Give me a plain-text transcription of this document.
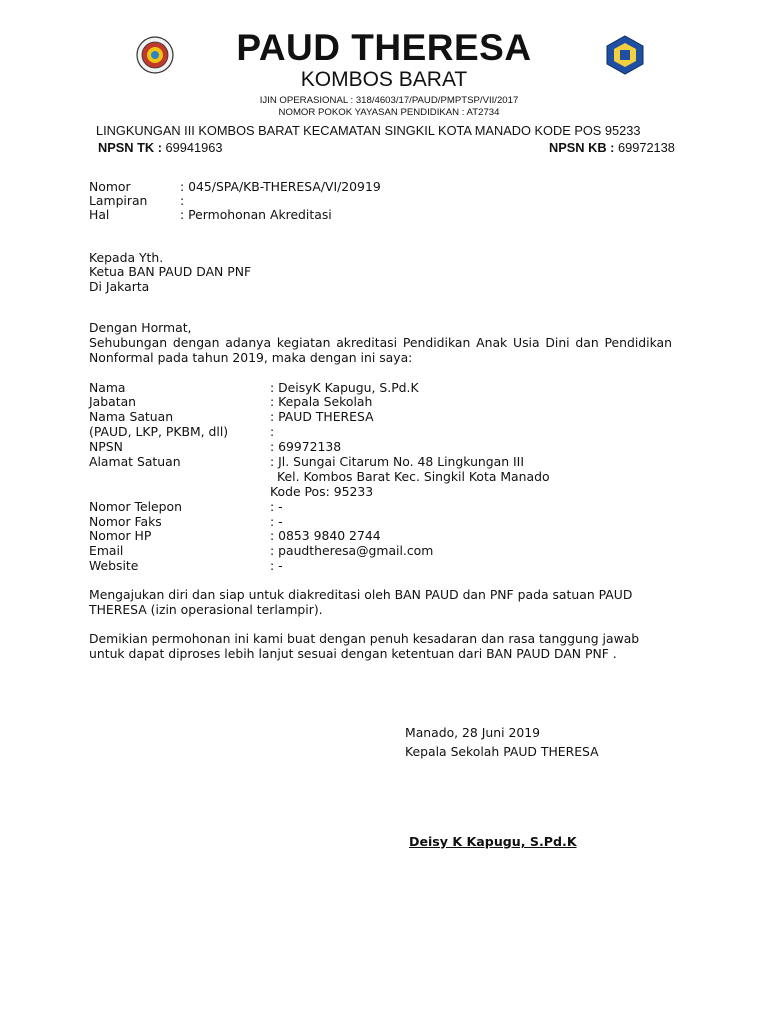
PAUD THERESA
KOMBOS BARAT
IJIN OPERASIONAL : 318/4603/17/PAUD/PMPTSP/VII/2017
NOMOR POKOK YAYASAN PENDIDIKAN : AT2734
LINGKUNGAN III KOMBOS BARAT KECAMATAN SINGKIL KOTA MANADO KODE POS 95233
NPSN TK : 69941963	NPSN KB : 69972138
Nomor	: 045/SPA/KB-THERESA/VI/20919
Lampiran	:
Hal	: Permohonan Akreditasi
Kepada Yth.
Ketua BAN PAUD DAN PNF
Di Jakarta
Dengan Hormat,
Sehubungan dengan adanya kegiatan akreditasi Pendidikan Anak Usia Dini dan Pendidikan Nonformal pada tahun 2019, maka dengan ini saya:
Nama	: DeisyK Kapugu, S.Pd.K
Jabatan	: Kepala Sekolah
Nama Satuan	: PAUD THERESA
(PAUD, LKP, PKBM, dll)	:
NPSN	: 69972138
Alamat Satuan	: Jl. Sungai Citarum No. 48 Lingkungan III
Kel. Kombos Barat Kec. Singkil Kota Manado
Kode Pos: 95233
Nomor Telepon	: -
Nomor Faks	: -
Nomor HP	: 0853 9840 2744
Email	: paudtheresa@gmail.com
Website	: -
Mengajukan diri dan siap untuk diakreditasi oleh BAN PAUD dan PNF pada satuan PAUD THERESA (izin operasional terlampir).
Demikian permohonan ini kami buat dengan penuh kesadaran dan rasa tanggung jawab untuk dapat diproses lebih lanjut sesuai dengan ketentuan dari BAN PAUD DAN PNF .
Manado, 28 Juni 2019
Kepala Sekolah PAUD THERESA
Deisy K Kapugu, S.Pd.K
